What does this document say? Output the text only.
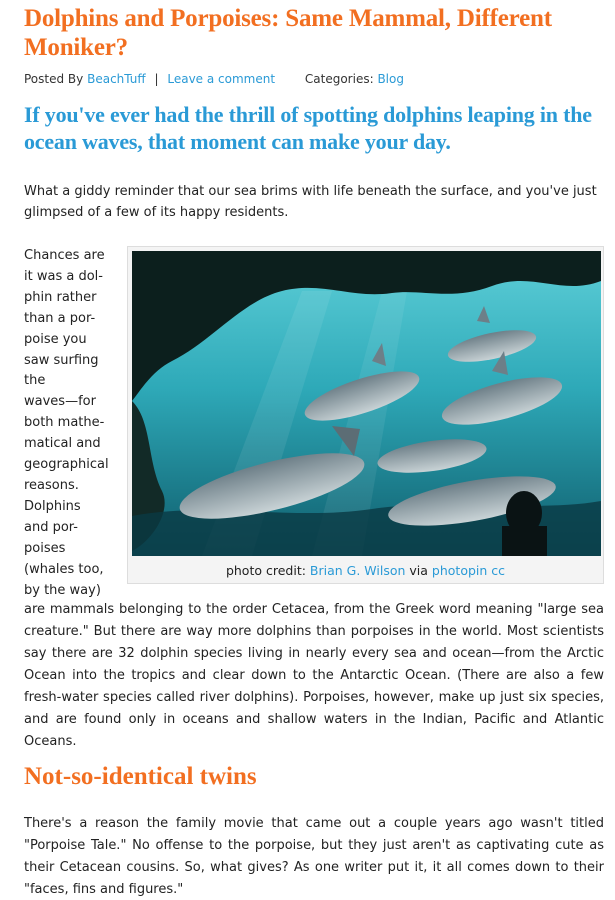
Dolphins and Porpoises: Same Mammal, Different Moniker?
Posted By BeachTuff | Leave a comment Categories: Blog
If you've ever had the thrill of spotting dolphins leaping in the ocean waves, that moment can make your day.

What a giddy reminder that our sea brims with life beneath the surface, and you've just glimpsed of a few of its happy residents.

Chances are
it was a dol-
phin rather
than a por-
poise you
saw surfing
the
waves—for
both mathe-
matical and
geographical
reasons.
Dolphins
and por-
poises
(whales too,
by the way)
photo credit: Brian G. Wilson via photopin cc

are mammals belonging to the order Cetacea, from the Greek word meaning "large sea creature." But there are way more dolphins than porpoises in the world. Most scientists say there are 32 dolphin species living in nearly every sea and ocean—from the Arctic Ocean into the tropics and clear down to the Antarctic Ocean. (There are also a few fresh-water species called river dolphins). Porpoises, however, make up just six species, and are found only in oceans and shallow waters in the Indian, Pacific and Atlantic Oceans.

Not-so-identical twins

There's a reason the family movie that came out a couple years ago wasn't titled "Porpoise Tale." No offense to the porpoise, but they just aren't as captivating cute as their Cetacean cousins. So, what gives? As one writer put it, it all comes down to their "faces, fins and figures."
